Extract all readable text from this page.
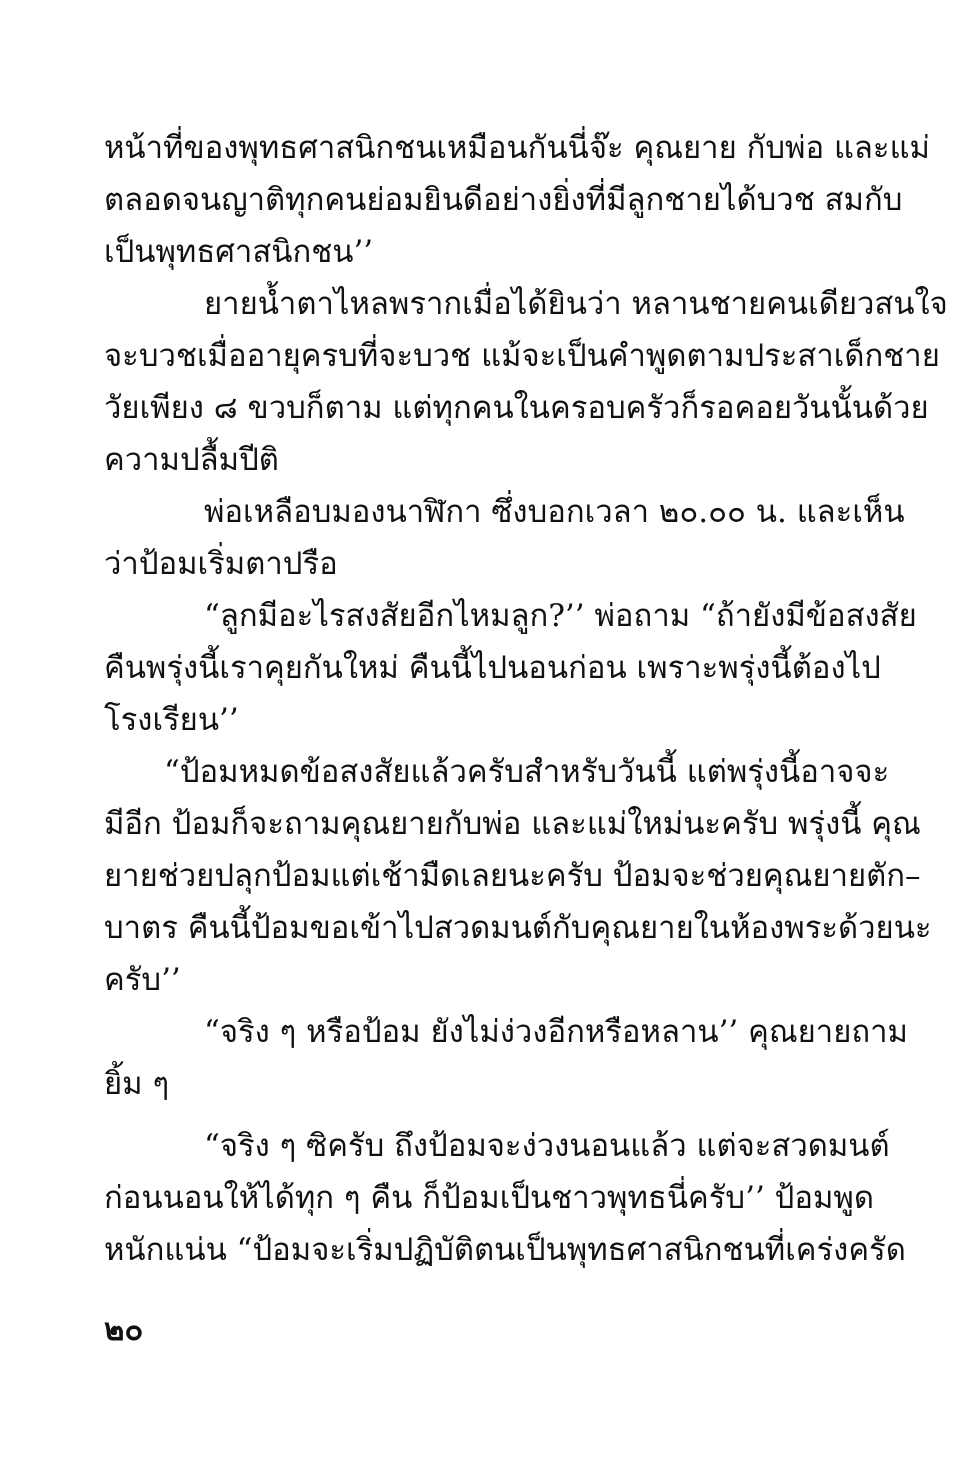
หน้าที่ของพุทธศาสนิกชนเหมือนกันนี่จ๊ะ คุณยาย กับพ่อ และแม่
ตลอดจนญาติทุกคนย่อมยินดีอย่างยิ่งที่มีลูกชายได้บวช สมกับ
เป็นพุทธศาสนิกชน’’
ยายน้ำตาไหลพรากเมื่อได้ยินว่า หลานชายคนเดียวสนใจ
จะบวชเมื่ออายุครบที่จะบวช แม้จะเป็นคำพูดตามประสาเด็กชาย
วัยเพียง ๘ ขวบก็ตาม แต่ทุกคนในครอบครัวก็รอคอยวันนั้นด้วย
ความปลื้มปีติ
พ่อเหลือบมองนาฬิกา ซึ่งบอกเวลา ๒๐.๐๐ น. และเห็น
ว่าป้อมเริ่มตาปรือ
“ลูกมีอะไรสงสัยอีกไหมลูก?’’ พ่อถาม “ถ้ายังมีข้อสงสัย
คืนพรุ่งนี้เราคุยกันใหม่ คืนนี้ไปนอนก่อน เพราะพรุ่งนี้ต้องไป
โรงเรียน’’
“ป้อมหมดข้อสงสัยแล้วครับสำหรับวันนี้ แต่พรุ่งนี้อาจจะ
มีอีก ป้อมก็จะถามคุณยายกับพ่อ และแม่ใหม่นะครับ พรุ่งนี้ คุณ
ยายช่วยปลุกป้อมแต่เช้ามืดเลยนะครับ ป้อมจะช่วยคุณยายตัก–
บาตร คืนนี้ป้อมขอเข้าไปสวดมนต์กับคุณยายในห้องพระด้วยนะ
ครับ’’
“จริง ๆ หรือป้อม ยังไม่ง่วงอีกหรือหลาน’’ คุณยายถาม
ยิ้ม ๆ
“จริง ๆ ซิครับ ถึงป้อมจะง่วงนอนแล้ว แต่จะสวดมนต์
ก่อนนอนให้ได้ทุก ๆ คืน ก็ป้อมเป็นชาวพุทธนี่ครับ’’ ป้อมพูด
หนักแน่น “ป้อมจะเริ่มปฏิบัติตนเป็นพุทธศาสนิกชนที่เคร่งครัด
๒๐
